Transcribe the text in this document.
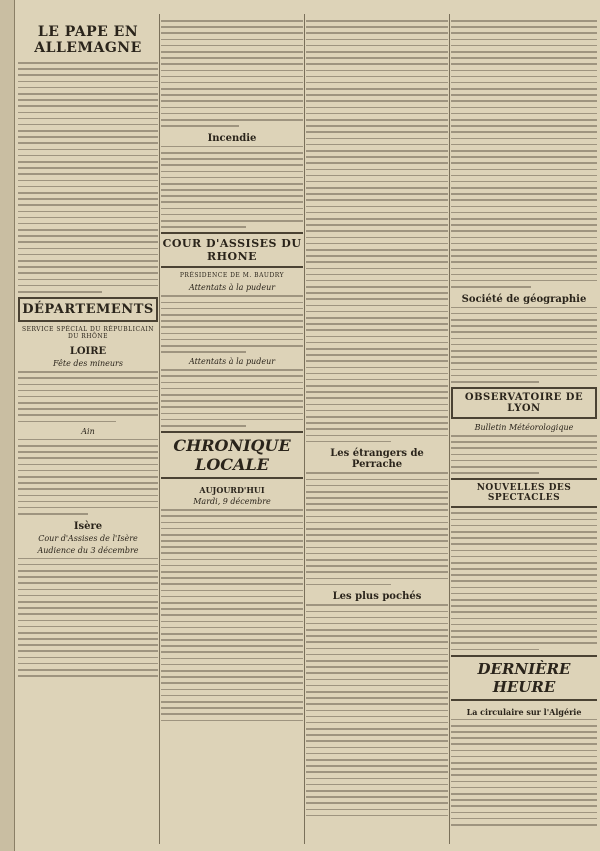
LE PAPE EN ALLEMAGNE
DÉPARTEMENTS
SERVICE SPÉCIAL DU RÉPUBLICAIN DU RHÔNE
LOIRE
Fête des mineurs
Ain
Isère
Cour d'Assises de l'Isère
Audience du 3 décembre
Incendie
COUR D'ASSISES DU RHONE
PRÉSIDENCE DE M. BAUDRY
Attentats à la pudeur
Attentats à la pudeur
CHRONIQUE LOCALE
AUJOURD'HUI
Mardi, 9 décembre
Les étrangers de Perrache
Les plus pochés
Société de géographie
OBSERVATOIRE DE LYON
Bulletin Météorologique
NOUVELLES DES SPECTACLES
DERNIÈRE HEURE
La circulaire sur l'Algérie
